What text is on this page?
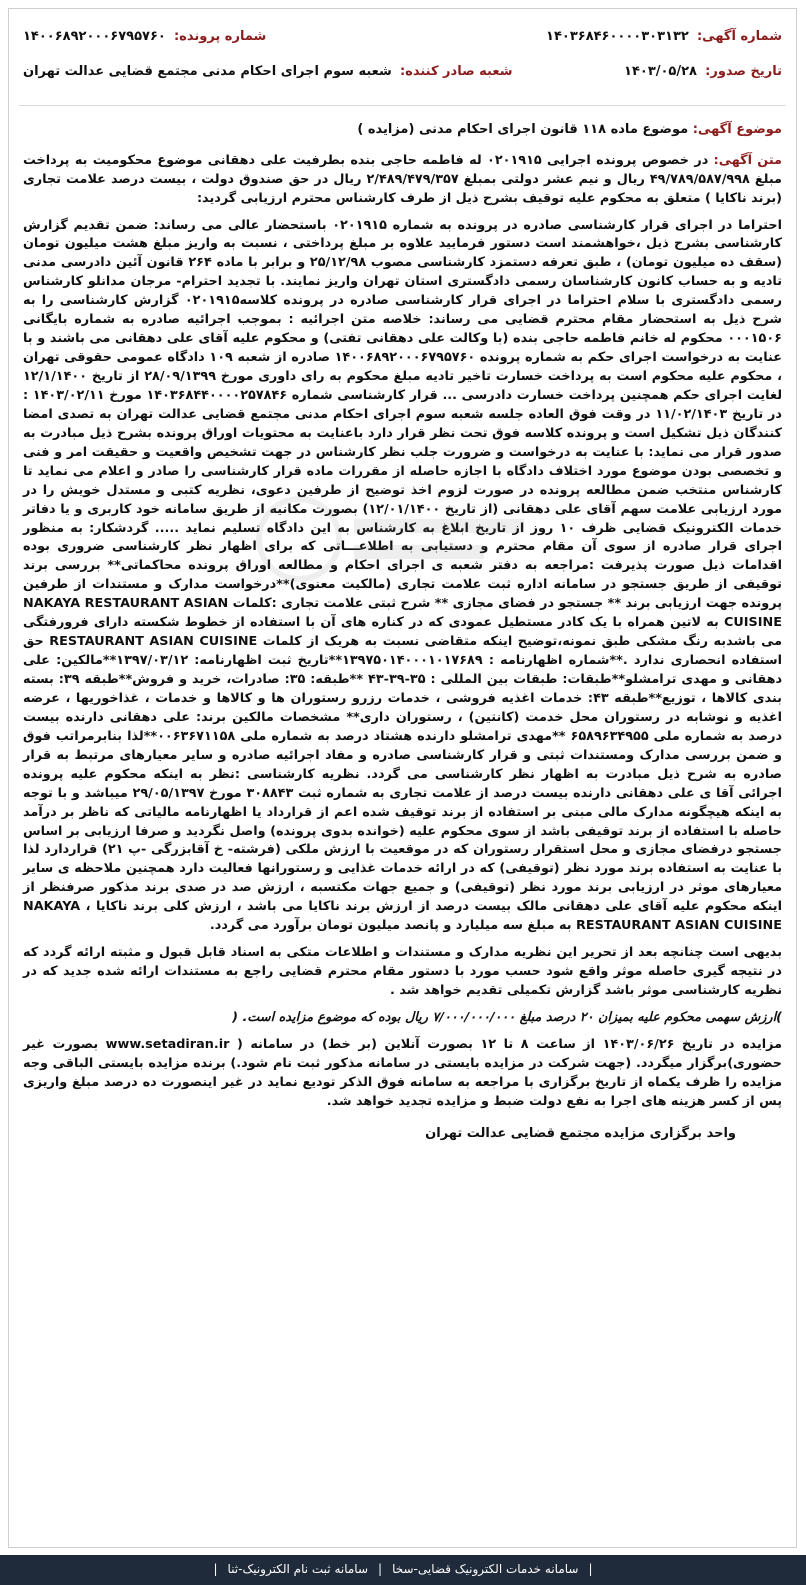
شماره آگهی: ۱۴۰۳۶۸۴۶۰۰۰۰۳۰۳۱۳۲
شماره پرونده: ۱۴۰۰۶۸۹۲۰۰۰۶۷۹۵۷۶۰
تاریخ صدور: ۱۴۰۳/۰۵/۲۸
شعبه صادر کننده: شعبه سوم اجرای احکام مدنی مجتمع قضایی عدالت تهران
موضوع آگهی: موضوع ماده ۱۱۸ قانون اجرای احکام مدنی (مزایده )

متن آگهی: در خصوص پرونده اجرایی ۰۲۰۱۹۱۵ له فاطمه حاجی بنده بطرفیت علی دهقانی موضوع محکومیت به پرداخت مبلغ ۴۹/۷۸۹/۵۸۷/۹۹۸ ریال و نیم عشر دولتی بمبلغ ۲/۴۸۹/۴۷۹/۳۵۷ ریال در حق صندوق دولت ، بیست درصد علامت تجاری (برند ناکایا ) متعلق به محکوم علیه توقیف بشرح ذیل از طرف کارشناس محترم ارزیابی گردید:

احتراما در اجرای قرار کارشناسی صادره در پرونده به شماره ۰۲۰۱۹۱۵ باستحضار عالی می رساند: ضمن تقدیم گزارش کارشناسی بشرح ذیل ،خواهشمند است دستور فرمایید علاوه بر مبلغ پرداختی ، نسبت به واریز مبلغ هشت میلیون تومان (سقف ده میلیون تومان) ، طبق تعرفه دستمزد کارشناسی مصوب ۲۵/۱۲/۹۸ و برابر با ماده ۲۶۴ قانون آئین دادرسی مدنی تادیه و به حساب کانون کارشناسان رسمی دادگستری استان تهران واریز نمایند. با تجدید احترام- مرجان مدانلو کارشناس رسمی دادگستری با سلام احتراما در اجرای قرار کارشناسی صادره در پرونده کلاسه۰۲۰۱۹۱۵ گزارش کارشناسی را به شرح ذیل به استحضار مقام محترم قضایی می رساند: خلاصه متن اجرائیه : بموجب اجرائیه صادره به شماره بایگانی ۰۰۰۱۵۰۶ محکوم له خانم فاطمه حاجی بنده (با وکالت علی دهقانی تفتی) و محکوم علیه آقای علی دهقانی می باشند و با عنایت به درخواست اجرای حکم به شماره پرونده ۱۴۰۰۶۸۹۲۰۰۰۶۷۹۵۷۶۰ صادره از شعبه ۱۰۹ دادگاه عمومی حقوقی تهران ، محکوم علیه محکوم است به پرداخت خسارت تاخیر تادیه مبلغ محکوم به رای داوری مورخ ۲۸/۰۹/۱۳۹۹ از تاریخ ۱۲/۱/۱۴۰۰ لغایت اجرای حکم همچنین پرداخت خسارت دادرسی ... قرار کارشناسی شماره ۱۴۰۳۶۸۴۴۰۰۰۰۲۵۷۸۴۶ مورخ ۱۴۰۳/۰۲/۱۱ : در تاریخ ۱۱/۰۲/۱۴۰۳ در وقت فوق العاده جلسه شعبه سوم اجرای احکام مدنی مجتمع قضایی عدالت تهران به تصدی امضا کنندگان ذیل تشکیل است و پرونده کلاسه فوق تحت نظر قرار دارد باعنایت به محتویات اوراق پرونده بشرح ذیل مبادرت به صدور قرار می نماید: با عنایت به درخواست و ضرورت جلب نظر کارشناس در جهت تشخیص واقعیت و حقیقت امر و فنی و تخصصی بودن موضوع مورد اختلاف دادگاه با اجازه حاصله از مقررات ماده قرار کارشناسی را صادر و اعلام می نماید تا کارشناس منتخب ضمن مطالعه پرونده در صورت لزوم اخذ توضیح از طرفین دعوی، نظریه کتبی و مستدل خویش را در مورد ارزیابی علامت سهم آقای علی دهقانی (از تاریخ ۱۲/۰۱/۱۴۰۰) بصورت مکانیه از طریق سامانه خود کاربری و یا دفاتر خدمات الکترونیک قضایی ظرف ۱۰ روز از تاریخ ابلاغ به کارشناس به این دادگاه تسلیم نماید ..... گردشکار: به منظور اجرای قرار صادره از سوی آن مقام محترم و دستیابی به اطلاعـــاتی که برای اظهار نظر کارشناسی ضروری بوده اقدامات ذیل صورت پذیرفت :مراجعه به دفتر شعبه ی اجرای احکام و مطالعه اوراق پرونده محاکماتی** بررسی برند توقیفی از طریق جستجو در سامانه اداره ثبت علامت تجاری (مالکیت معنوی)**درخواست مدارک و مستندات از طرفین پرونده جهت ارزیابی برند ** جستجو در فضای مجازی ** شرح ثبتی علامت تجاری :کلمات NAKAYA RESTAURANT ASIAN CUISINE به لاتین همراه با یک کادر مستطیل عمودی که در کناره های آن با استفاده از خطوط شکسته دارای فرورفتگی می باشدبه رنگ مشکی طبق نمونه،توضیح اینکه متقاضی نسبت به هریک از کلمات RESTAURANT ASIAN CUISINE حق استفاده انحصاری ندارد .**شماره اظهارنامه : ۱۳۹۷۵۰۱۴۰۰۰۱۰۱۷۶۸۹**تاریخ ثبت اظهارنامه: ۱۳۹۷/۰۳/۱۲**مالکین: علی دهقانی و مهدی ترامشلو**طبقات: طبقات بین المللی : ۳۵-۳۹-۴۳ **طبقه: ۳۵: صادرات، خرید و فروش**طبقه ۳۹: بسته بندی کالاها ، توزیع**طبقه ۴۳: خدمات اغذیه فروشی ، خدمات رزرو رستوران ها و کالاها و خدمات ، غذاخوریها ، عرضه اغذیه و نوشابه در رستوران محل خدمت (کانتین) ، رستوران داری** مشخصات مالکین برند: علی دهقانی دارنده بیست درصد به شماره ملی ۶۵۸۹۶۳۴۹۵۵ **مهدی ترامشلو دارنده هشتاد درصد به شماره ملی ۰۰۶۳۶۷۱۱۵۸**لذا بنابرمراتب فوق و ضمن بررسی مدارک ومستندات ثبتی و قرار کارشناسی صادره و مفاد اجرائیه صادره و سایر معیارهای مرتبط به قرار صادره به شرح ذیل مبادرت به اظهار نظر کارشناسی می گردد. نظریه کارشناسی :نظر به اینکه محکوم علیه پرونده اجرائی آقا ی علی دهقانی دارنده بیست درصد از علامت تجاری به شماره ثبت ۳۰۸۸۴۳ مورخ ۲۹/۰۵/۱۳۹۷ میباشد و با توجه به اینکه هیچگونه مدارک مالی مبنی بر استفاده از برند توقیف شده اعم از قرارداد یا اظهارنامه مالیاتی که ناظر بر درآمد حاصله با استفاده از برند توقیفی باشد از سوی محکوم علیه (خوانده بدوی پرونده) واصل نگردید و صرفا ارزیابی بر اساس جستجو درفضای مجازی و محل استقرار رستوران که در موقعیت با ارزش ملکی (فرشته- خ آقابزرگی -پ ۲۱) قراردارد لذا با عنایت به استفاده برند مورد نظر (توقیفی) که در ارائه خدمات غذایی و رستورانها فعالیت دارد همچنین ملاحظه ی سایر معیارهای موثر در ارزیابی برند مورد نظر (توقیفی) و جمیع جهات مکتسبه ، ارزش صد در صدی برند مذکور صرفنظر از اینکه محکوم علیه آقای علی دهقانی مالک بیست درصد از ارزش برند ناکایا می باشد ، ارزش کلی برند ناکایا ، NAKAYA RESTAURANT ASIAN CUISINE به مبلغ سه میلیارد و پانصد میلیون تومان برآورد می گردد.

بدیهی است چنانچه بعد از تحریر این نظریه مدارک و مستندات و اطلاعات متکی به اسناد قابل قبول و مثبته ارائه گردد که در نتیجه گیری حاصله موثر واقع شود حسب مورد با دستور مقام محترم قضایی راجع به مستندات ارائه شده جدید که در نظریه کارشناسی موثر باشد گزارش تکمیلی تقدیم خواهد شد .

)ارزش سهمی محکوم علیه بمیزان ۲۰ درصد مبلغ ۷/۰۰۰/۰۰۰/۰۰۰ ریال بوده که موضوع مزایده است. (

مزایده در تاریخ ۱۴۰۳/۰۶/۲۶ از ساعت ۸ تا ۱۲ بصورت آنلاین (بر خط) در سامانه ( www.setadiran.ir بصورت غیر حضوری)برگزار میگردد. (جهت شرکت در مزایده بایستی در سامانه مذکور ثبت نام شود.) برنده مزایده بایستی الباقی وجه مزایده را ظرف یکماه از تاریخ برگزاری با مراجعه به سامانه فوق الذکر تودیع نماید در غیر اینصورت ده درصد مبلغ واریزی پس از کسر هزینه های اجرا به نفع دولت ضبط و مزایده تجدید خواهد شد.

واحد برگزاری مزایده مجتمع قضایی عدالت تهران
|
سامانه خدمات الکترونیک قضایی-سخا
|
سامانه ثبت نام الکترونیک-ثنا
|
